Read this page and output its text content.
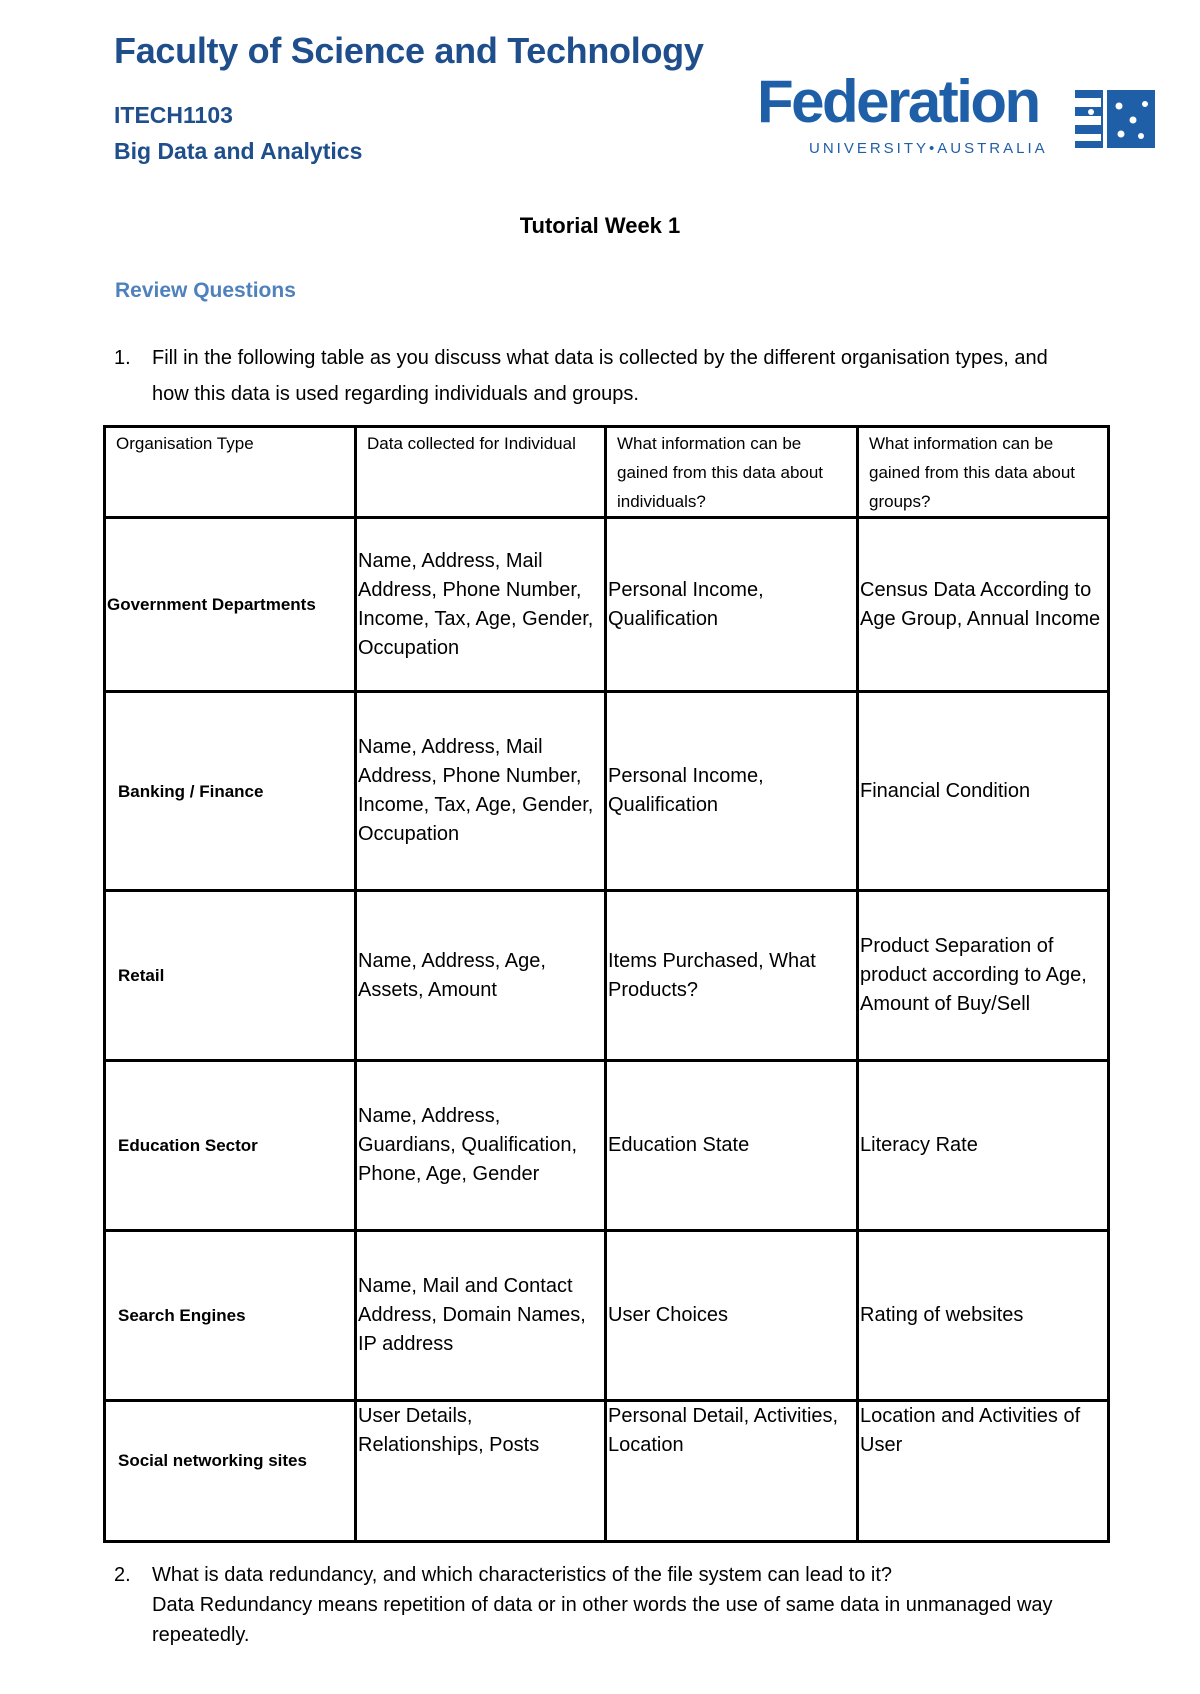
Faculty of Science and Technology
ITECH1103
Big Data and Analytics
Federation
UNIVERSITY•AUSTRALIA
Tutorial Week 1
Review Questions
1.	Fill in the following table as you discuss what data is collected by the different organisation types, and how this data is used regarding individuals and groups.
Organisation Type	Data collected for Individual	What information can be gained from this data about individuals?	What information can be gained from this data about groups?
Government Departments	Name, Address, Mail Address, Phone Number, Income, Tax, Age, Gender, Occupation	Personal Income, Qualification	Census Data According to Age Group, Annual Income
Banking / Finance	Name, Address, Mail Address, Phone Number, Income, Tax, Age, Gender, Occupation	Personal Income, Qualification	Financial Condition
Retail	Name, Address, Age, Assets, Amount	Items Purchased, What Products?	Product Separation of product according to Age, Amount of Buy/Sell
Education Sector	Name, Address, Guardians, Qualification, Phone, Age, Gender	Education State	Literacy Rate
Search Engines	Name, Mail and Contact Address, Domain Names, IP address	User Choices	Rating of websites
Social networking sites	User Details, Relationships, Posts	Personal Detail, Activities, Location	Location and Activities of User
2.	What is data redundancy, and which characteristics of the file system can lead to it?
Data Redundancy means repetition of data or in other words the use of same data in unmanaged way repeatedly.
